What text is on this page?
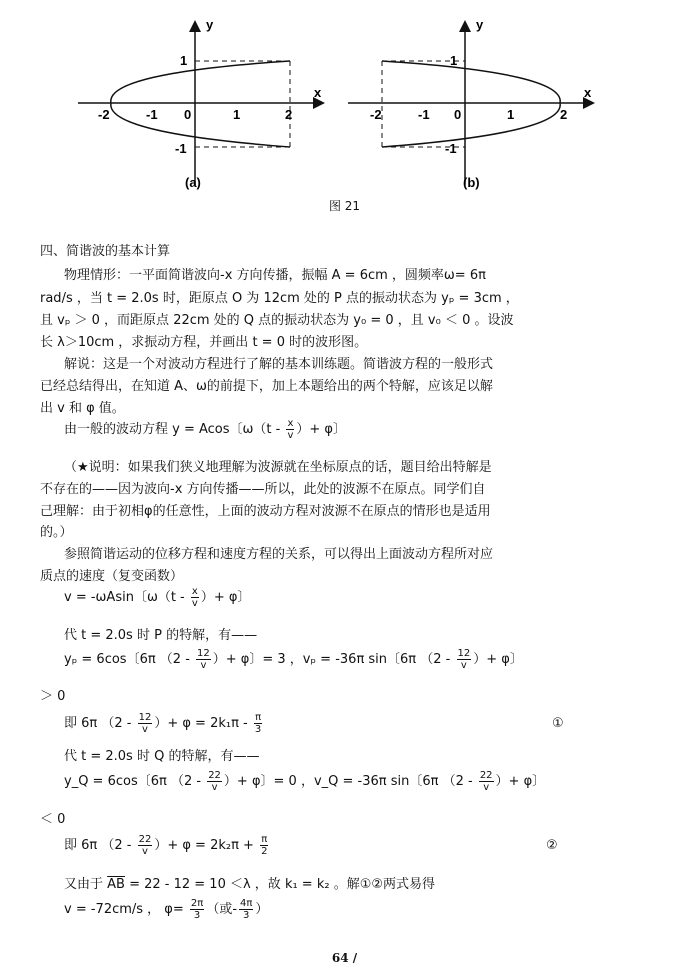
y
x
-2	-1 0	1	2
1
-1
(a)
y
x
-2	-1 0	1	2
1
-1
(b)
图 21
四、简谐波的基本计算
物理情形：一平面简谐波向-x 方向传播，振幅 A = 6cm ，圆频率ω= 6π
rad/s ，当 t = 2.0s 时，距原点 O 为 12cm 处的 P 点的振动状态为 yₚ = 3cm ，
且 vₚ ＞ 0 ，而距原点 22cm 处的 Q 点的振动状态为 y₀ = 0 ，且 v₀ ＜ 0 。设波
长 λ＞10cm ，求振动方程，并画出 t = 0 时的波形图。
解说：这是一个对波动方程进行了解的基本训练题。简谐波方程的一般形式
已经总结得出，在知道 A、ω的前提下，加上本题给出的两个特解，应该足以解
出 v 和 φ 值。
由一般的波动方程 y = Acos〔$\omega(t - \frac{x}{v}$ ）+ φ〕
（★说明：如果我们狭义地理解为波源就在坐标原点的话，题目给出特解是
不存在的——因为波向-x 方向传播——所以，此处的波源不在原点。同学们自
己理解：由于初相φ的任意性，上面的波动方程对波源不在原点的情形也是适用
的。）
参照简谐运动的位移方程和速度方程的关系，可以得出上面波动方程所对应
质点的速度（复变函数）
v = -ωAsin〔$\omega(t - \frac{x}{v}$ ）+ φ〕
代 t = 2.0s 时 P 的特解，有——
yₚ = 6cos〔6π （$2 - \frac{12}{v}$ ）+ φ〕= 3 ，vₚ = -36π sin〔6π （$2 - \frac{12}{v}$ ）+ φ〕
＞ 0
即 6π （$2 - \frac{12}{v}$ ）+ $\varphi = 2k_1\pi - \frac{\pi}{3}$	①
代 t = 2.0s 时 Q 的特解，有——
y_Q = 6cos〔6π （$2 - \frac{22}{v}$ ）+ φ〕= 0 ，v_Q = -36π sin〔6π （$2 - \frac{22}{v}$ ）+ φ〕
＜ 0
即 6π （$2 - \frac{22}{v}$ ）+ $\varphi = 2k_2\pi + \frac{\pi}{2}$	②
又由于 $\overline{AB} = 22 - 12 = 10 <\lambda$ ，故 k₁ = k₂ 。解①②两式易得
v = -72cm/s ， $\varphi= \frac{2\pi}{3}$ （或- $\frac{4\pi}{3}$ ）
64 /
